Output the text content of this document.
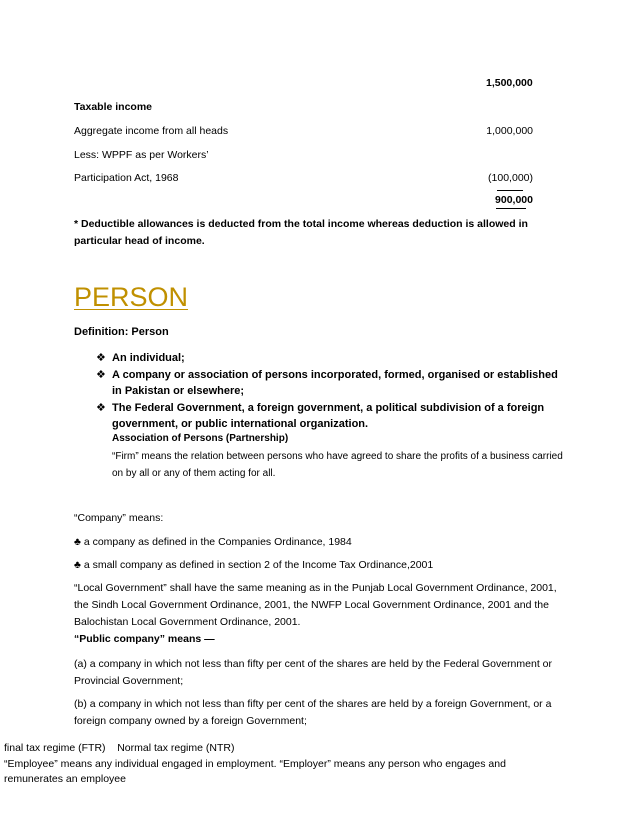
1,500,000
Taxable income
Aggregate income from all heads	1,000,000
Less: WPPF as per Workers’
Participation Act, 1968	(100,000)
900,000
* Deductible allowances is deducted from the total income whereas deduction is allowed in particular head of income.
PERSON
Definition: Person
❖ An individual;
❖ A company or association of persons incorporated, formed, organised or established
in Pakistan or elsewhere;
❖ The Federal Government, a foreign government, a political subdivision of a foreign
government, or public international organization.
Association of Persons (Partnership)
“Firm” means the relation between persons who have agreed to share the profits of a business carried on by all or any of them acting for all.
“Company” means:
♣ a company as defined in the Companies Ordinance, 1984
♣ a small company as defined in section 2 of the Income Tax Ordinance,2001
“Local Government” shall have the same meaning as in the Punjab Local Government Ordinance, 2001, the Sindh Local Government Ordinance, 2001, the NWFP Local Government Ordinance, 2001 and the Balochistan Local Government Ordinance, 2001.
“Public company” means —
(a) a company in which not less than fifty per cent of the shares are held by the Federal Government or Provincial Government;
(b) a company in which not less than fifty per cent of the shares are held by a foreign Government, or a foreign company owned by a foreign Government;
final tax regime (FTR)    Normal tax regime (NTR)
“Employee” means any individual engaged in employment. “Employer” means any person who engages and remunerates an employee
